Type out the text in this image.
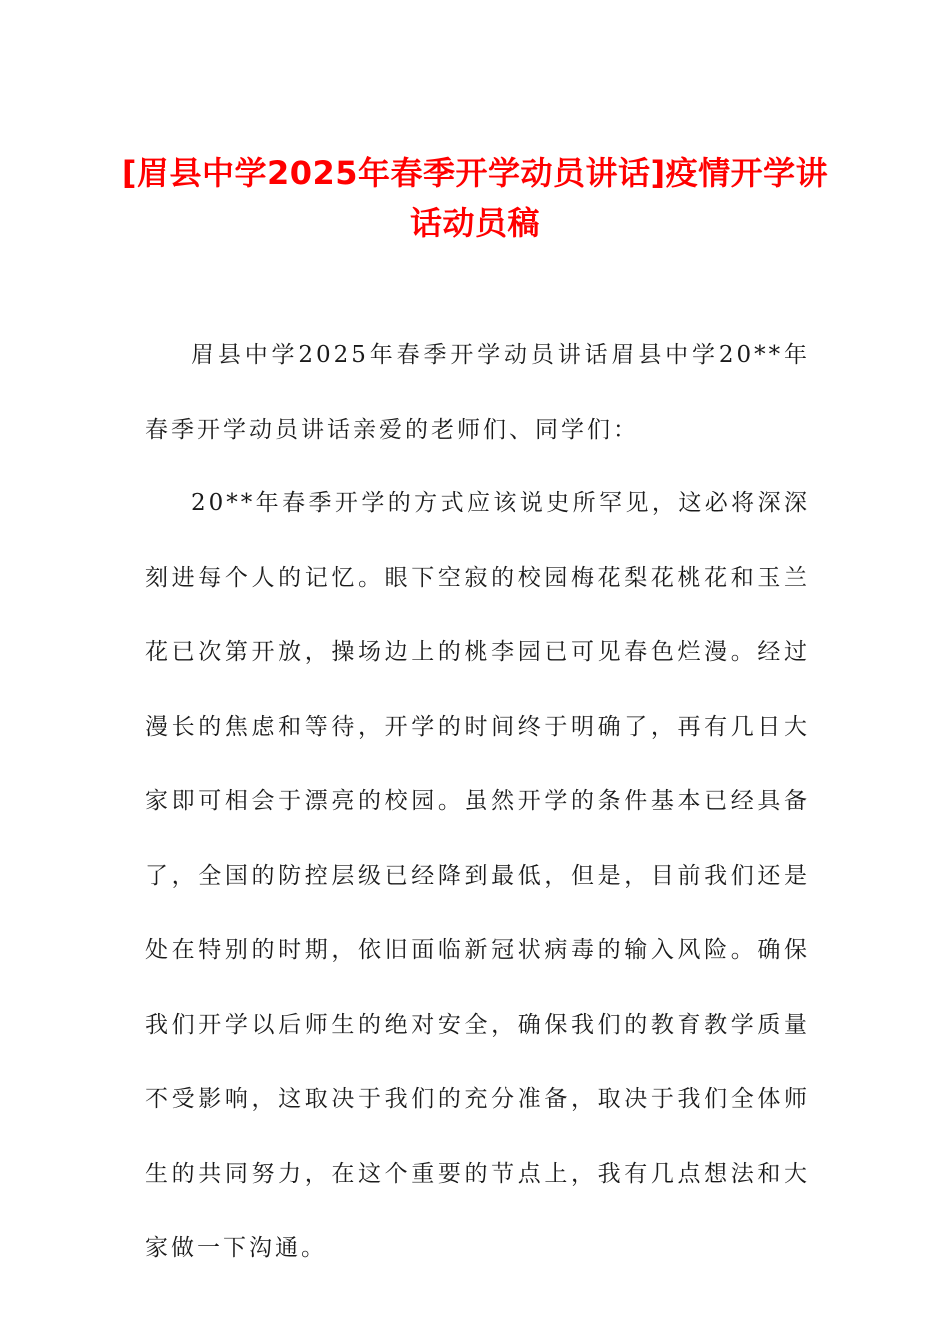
[眉县中学2025年春季开学动员讲话]疫情开学讲话动员稿

眉县中学2025年春季开学动员讲话眉县中学20**年春季开学动员讲话亲爱的老师们、同学们：

20**年春季开学的方式应该说史所罕见，这必将深深刻进每个人的记忆。眼下空寂的校园梅花梨花桃花和玉兰花已次第开放，操场边上的桃李园已可见春色烂漫。经过漫长的焦虑和等待，开学的时间终于明确了，再有几日大家即可相会于漂亮的校园。虽然开学的条件基本已经具备了，全国的防控层级已经降到最低，但是，目前我们还是处在特别的时期，依旧面临新冠状病毒的输入风险。确保我们开学以后师生的绝对安全，确保我们的教育教学质量不受影响，这取决于我们的充分准备，取决于我们全体师生的共同努力，在这个重要的节点上，我有几点想法和大家做一下沟通。
